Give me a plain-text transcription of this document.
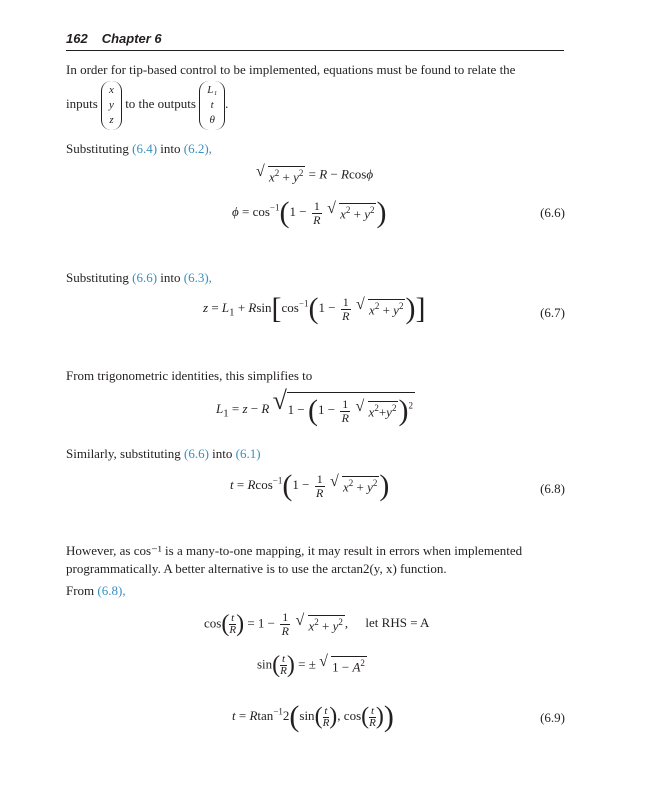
162 Chapter 6
In order for tip-based control to be implemented, equations must be found to relate the
inputs
x
y
z
to the outputs
L₁
t
θ
.
Substituting (6.4) into (6.2),
√ $x^2 + y^2 = R - Rcos\phi$
$\phi = \cos^{-1}(1 - \frac{1}{R}$
√ $x^2 + y^2$)	(6.6)
Substituting (6.6) into (6.3),
$z = L_1 + Rsin[\cos^{-1}(1 - \frac{1}{R}$
√ $x^2 + y^2$)]	(6.7)
From trigonometric identities, this simplifies to
$L_1 = z - R$ √ $1 - (1 - \frac{1}{R}$
√ $x^2+y^2)^2$
Similarly, substituting (6.6) into (6.1)
$t = Rcos^{-1}(1 - \frac{1}{R}$
√ $x^2 + y^2$)	(6.8)
However, as cos⁻¹ is a many-to-one mapping, it may result in errors when implemented
programmatically. A better alternative is to use the arctan2(y, x) function.
From (6.8),
$\cos( \frac{t}{R}$ ) = $1 - \frac{1}{R}$
√ $x^2 + y^2$ , let RHS = A
$\sin( \frac{t}{R}$ ) = ± √ $1 - A^2$
$t = Rtan^{-1}2(\sin( \frac{t}{R}$ ), $\cos( \frac{t}{R}$ ))	(6.9)
